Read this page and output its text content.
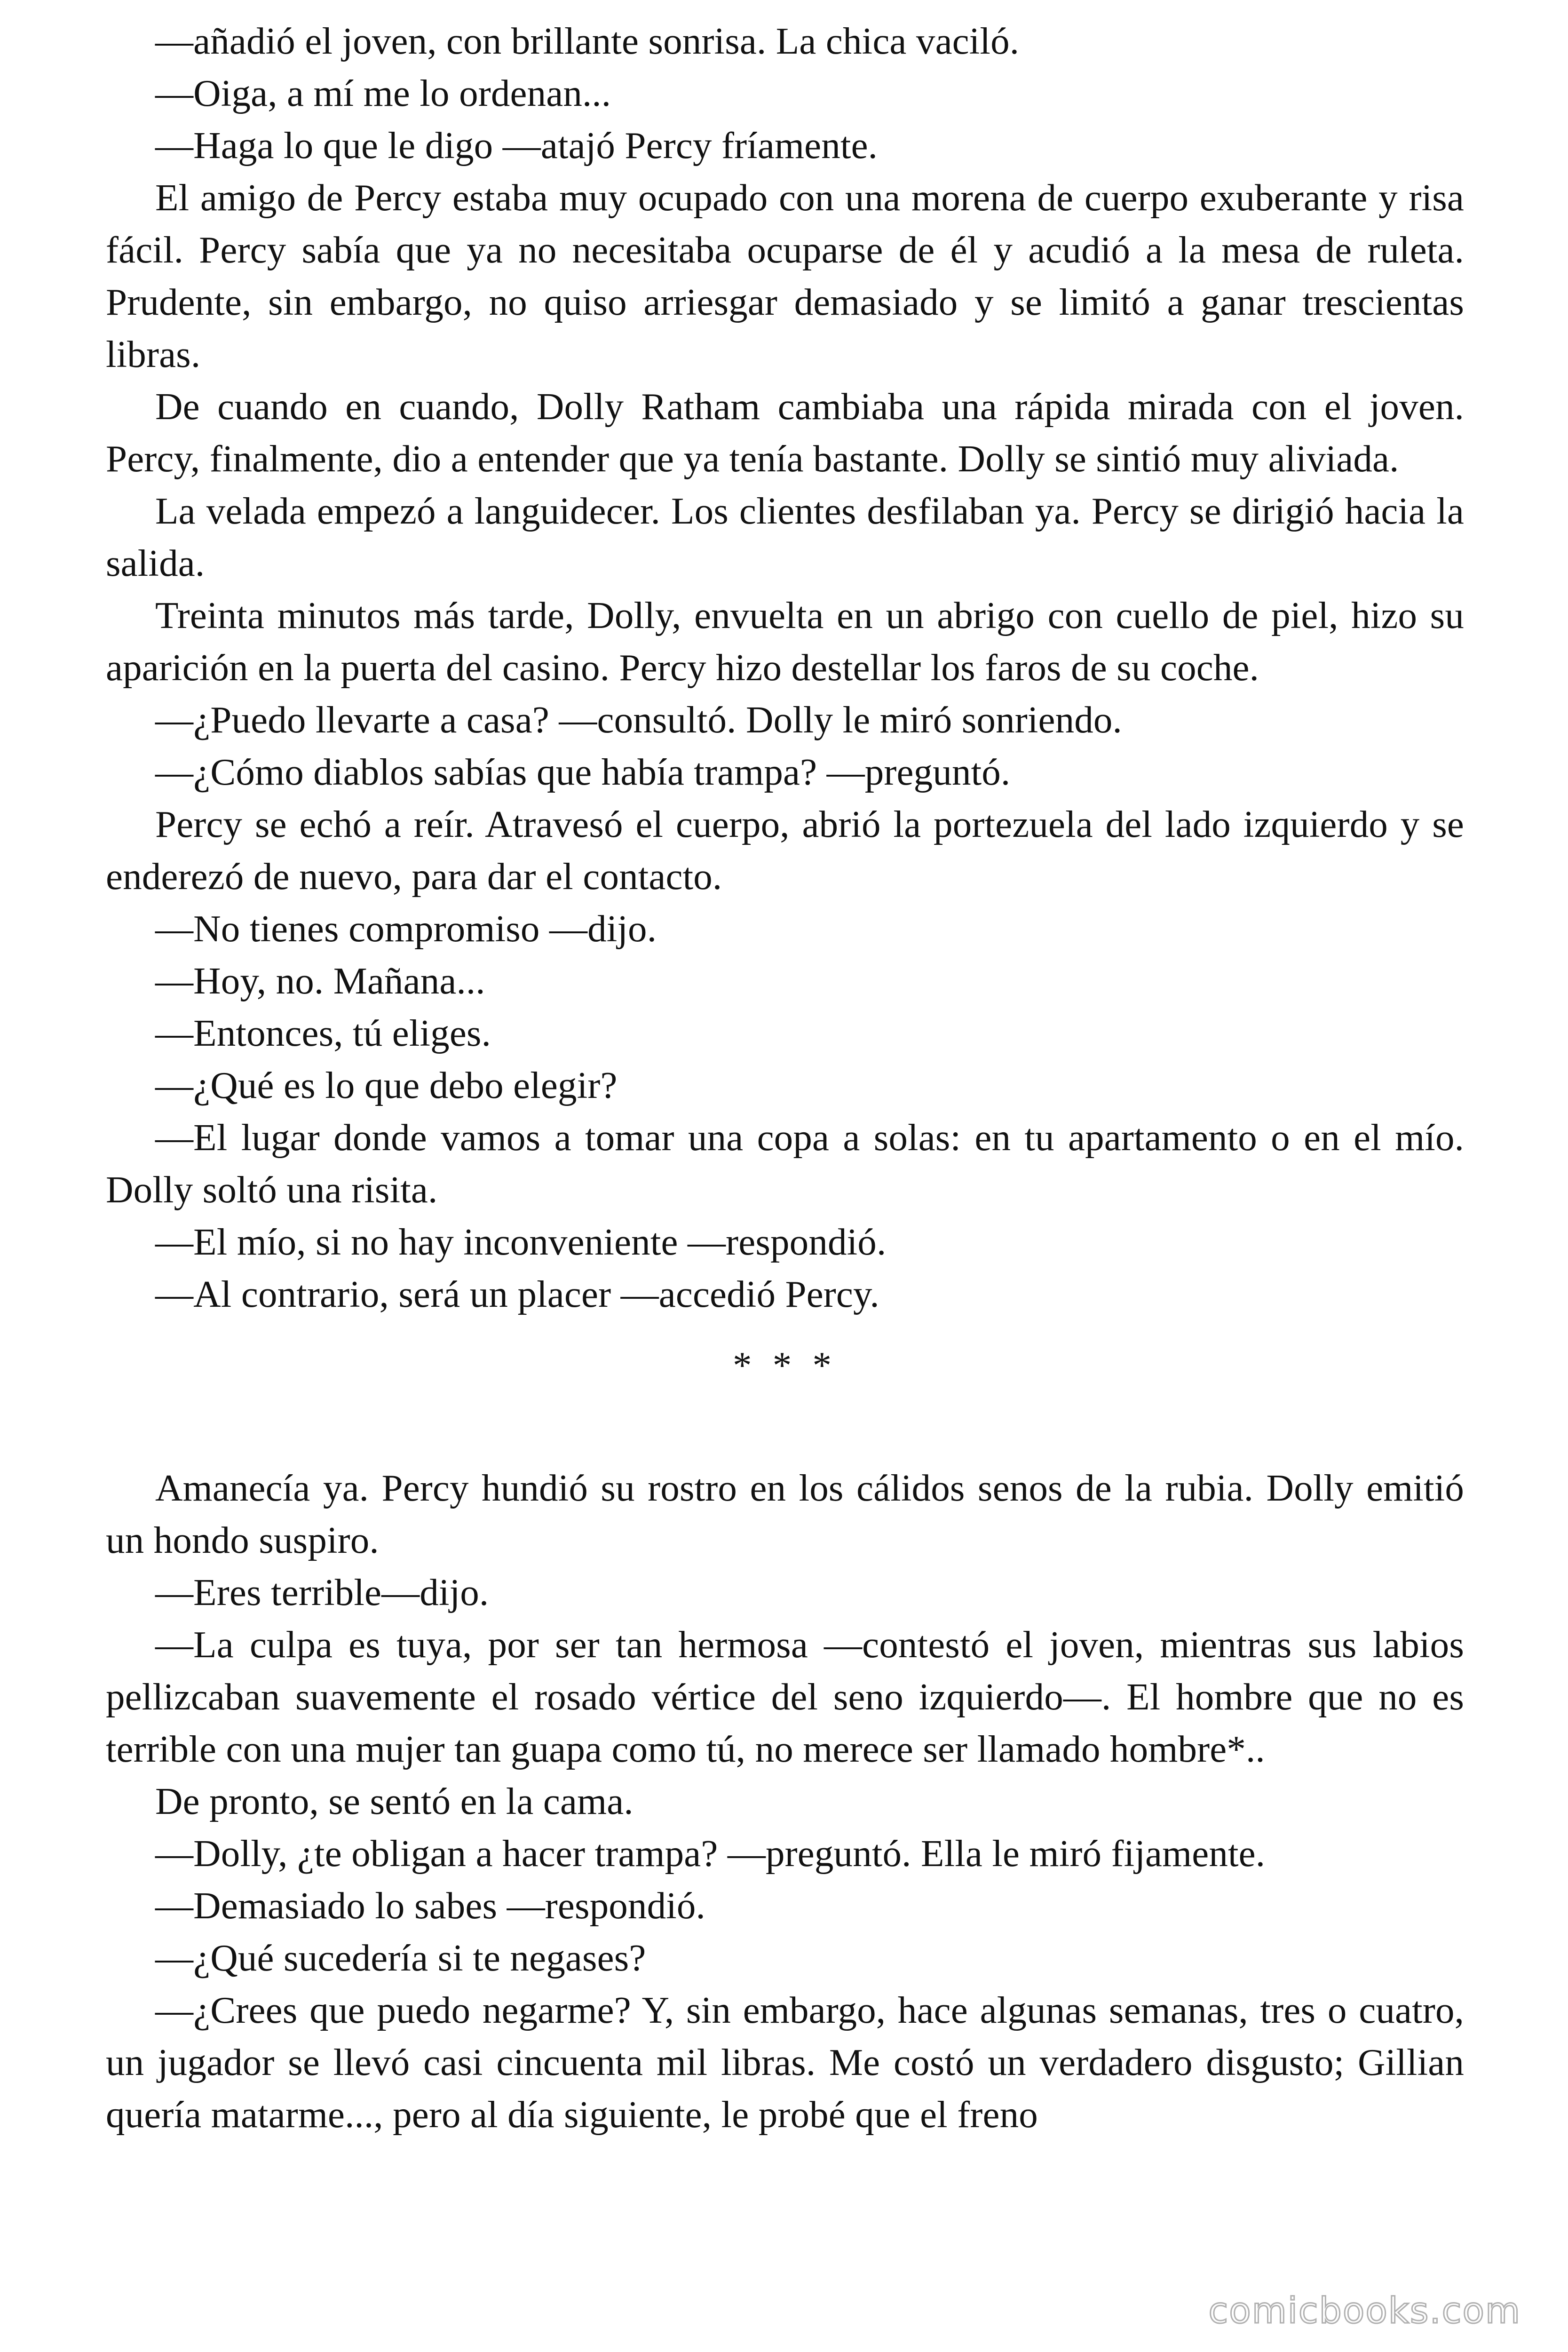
—añadió el joven, con brillante sonrisa. La chica vaciló.

—Oiga, a mí me lo ordenan...

—Haga lo que le digo —atajó Percy fríamente.

El amigo de Percy estaba muy ocupado con una morena de cuerpo exuberante y risa fácil. Percy sabía que ya no necesitaba ocuparse de él y acudió a la mesa de ruleta. Prudente, sin embargo, no quiso arriesgar demasiado y se limitó a ganar trescientas libras.

De cuando en cuando, Dolly Ratham cambiaba una rápida mirada con el joven. Percy, finalmente, dio a entender que ya tenía bastante. Dolly se sintió muy aliviada.

La velada empezó a languidecer. Los clientes desfilaban ya. Percy se dirigió hacia la salida.

Treinta minutos más tarde, Dolly, envuelta en un abrigo con cuello de piel, hizo su aparición en la puerta del casino. Percy hizo destellar los faros de su coche.

—¿Puedo llevarte a casa? —consultó. Dolly le miró sonriendo.

—¿Cómo diablos sabías que había trampa? —preguntó.

Percy se echó a reír. Atravesó el cuerpo, abrió la portezuela del lado izquierdo y se enderezó de nuevo, para dar el contacto.

—No tienes compromiso —dijo.

—Hoy, no. Mañana...

—Entonces, tú eliges.

—¿Qué es lo que debo elegir?

—El lugar donde vamos a tomar una copa a solas: en tu apartamento o en el mío. Dolly soltó una risita.

—El mío, si no hay inconveniente —respondió.

—Al contrario, será un placer —accedió Percy.

* * *

Amanecía ya. Percy hundió su rostro en los cálidos senos de la rubia. Dolly emitió un hondo suspiro.

—Eres terrible—dijo.

—La culpa es tuya, por ser tan hermosa —contestó el joven, mientras sus labios pellizcaban suavemente el rosado vértice del seno izquierdo—. El hombre que no es terrible con una mujer tan guapa como tú, no merece ser llamado hombre*..

De pronto, se sentó en la cama.

—Dolly, ¿te obligan a hacer trampa? —preguntó. Ella le miró fijamente.

—Demasiado lo sabes —respondió.

—¿Qué sucedería si te negases?

—¿Crees que puedo negarme? Y, sin embargo, hace algunas semanas, tres o cuatro, un jugador se llevó casi cincuenta mil libras. Me costó un verdadero disgusto; Gillian quería matarme..., pero al día siguiente, le probé que el freno

comicbooks.com
